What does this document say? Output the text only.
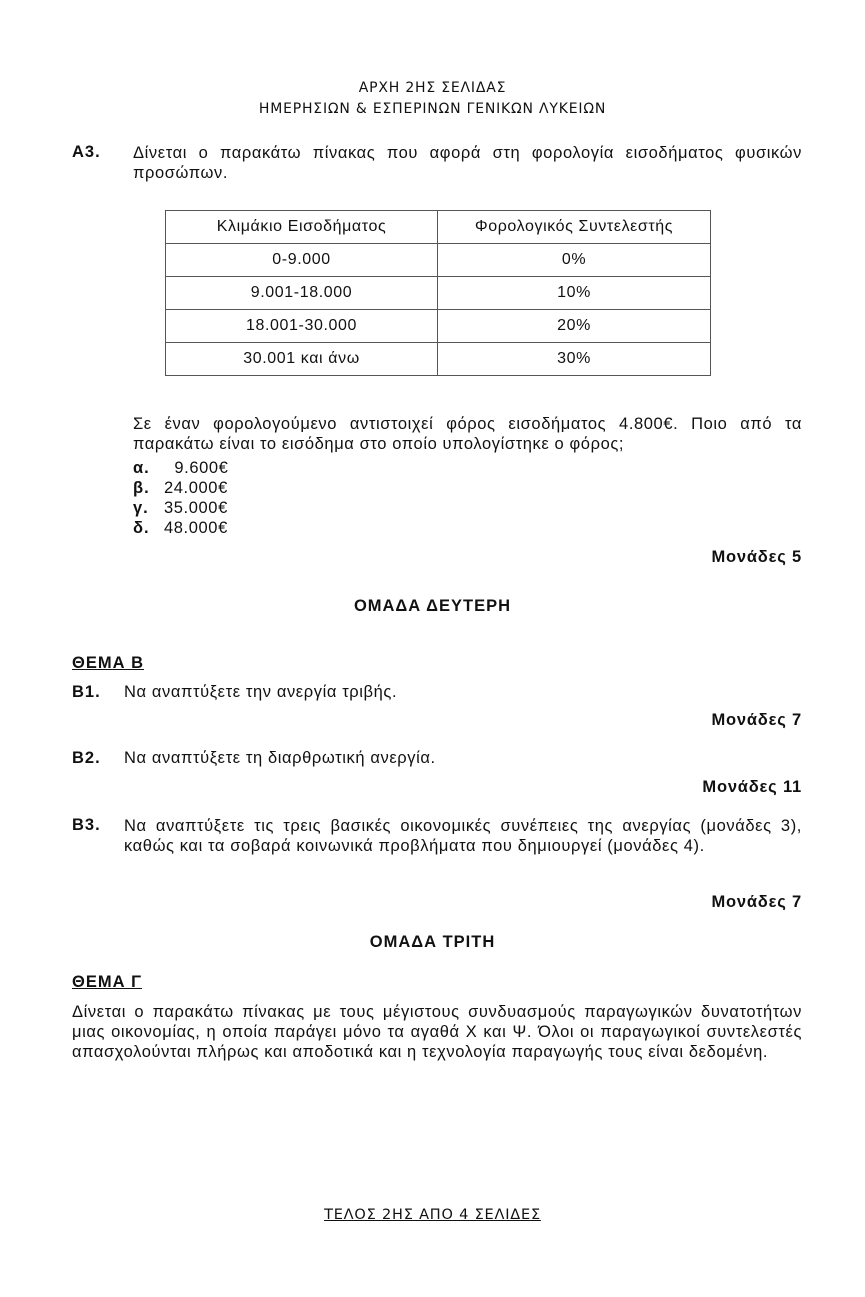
ΑΡΧΗ 2ΗΣ ΣΕΛΙΔΑΣ
ΗΜΕΡΗΣΙΩΝ & ΕΣΠΕΡΙΝΩΝ ΓΕΝΙΚΩΝ ΛΥΚΕΙΩΝ
Α3. Δίνεται ο παρακάτω πίνακας που αφορά στη φορολογία εισοδήματος φυσικών προσώπων.
Κλιμάκιο Εισοδήματος	Φορολογικός Συντελεστής
0-9.000	0%
9.001-18.000	10%
18.001-30.000	20%
30.001 και άνω	30%
Σε έναν φορολογούμενο αντιστοιχεί φόρος εισοδήματος 4.800€. Ποιο από τα παρακάτω είναι το εισόδημα στο οποίο υπολογίστηκε ο φόρος;
α.  9.600€
β. 24.000€
γ. 35.000€
δ. 48.000€
Μονάδες 5
ΟΜΑΔΑ ΔΕΥΤΕΡΗ
ΘΕΜΑ Β
Β1. Να αναπτύξετε την ανεργία τριβής.
Μονάδες 7
Β2. Να αναπτύξετε τη διαρθρωτική ανεργία.
Μονάδες 11
Β3. Να αναπτύξετε τις τρεις βασικές οικονομικές συνέπειες της ανεργίας (μονάδες 3), καθώς και τα σοβαρά κοινωνικά προβλήματα που δημιουργεί (μονάδες 4).
Μονάδες 7
ΟΜΑΔΑ ΤΡΙΤΗ
ΘΕΜΑ Γ
Δίνεται ο παρακάτω πίνακας με τους μέγιστους συνδυασμούς παραγωγικών δυνατοτήτων μιας οικονομίας, η οποία παράγει μόνο τα αγαθά Χ και Ψ. Όλοι οι παραγωγικοί συντελεστές απασχολούνται πλήρως και αποδοτικά και η τεχνολογία παραγωγής τους είναι δεδομένη.
ΤΕΛΟΣ 2ΗΣ ΑΠΟ 4 ΣΕΛΙΔΕΣ
